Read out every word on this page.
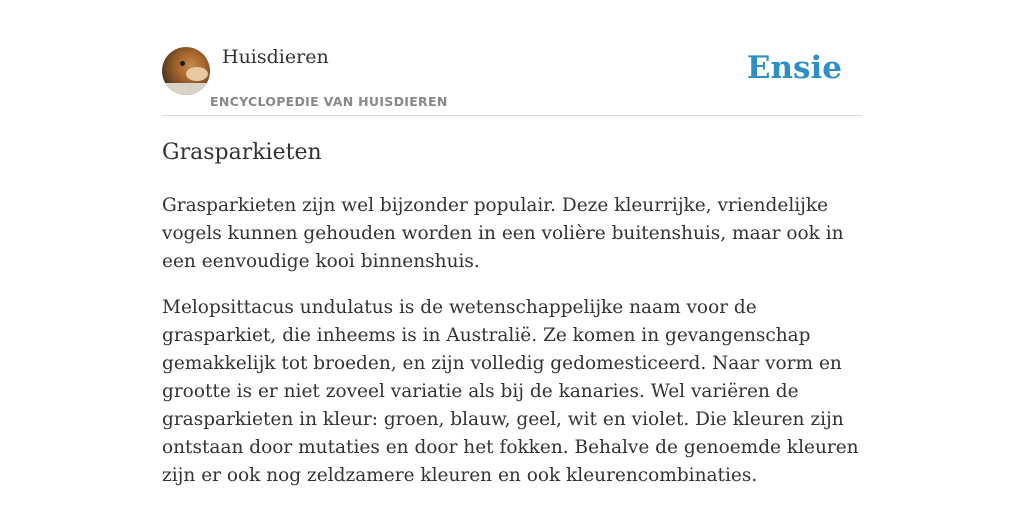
Huisdieren
ENCYCLOPEDIE VAN HUISDIEREN
Ensie
Grasparkieten

Grasparkieten zijn wel bijzonder populair. Deze kleurrijke, vriendelijke vogels kunnen gehouden worden in een volière buitenshuis, maar ook in een eenvoudige kooi binnenshuis.

Melopsittacus undulatus is de wetenschappelijke naam voor de grasparkiet, die inheems is in Australië. Ze komen in gevangenschap gemakkelijk tot broeden, en zijn volledig gedomesticeerd. Naar vorm en grootte is er niet zoveel variatie als bij de kanaries. Wel variëren de grasparkieten in kleur: groen, blauw, geel, wit en violet. Die kleuren zijn ontstaan door mutaties en door het fokken. Behalve de genoemde kleuren zijn er ook nog zeldzamere kleuren en ook kleurencombinaties.
